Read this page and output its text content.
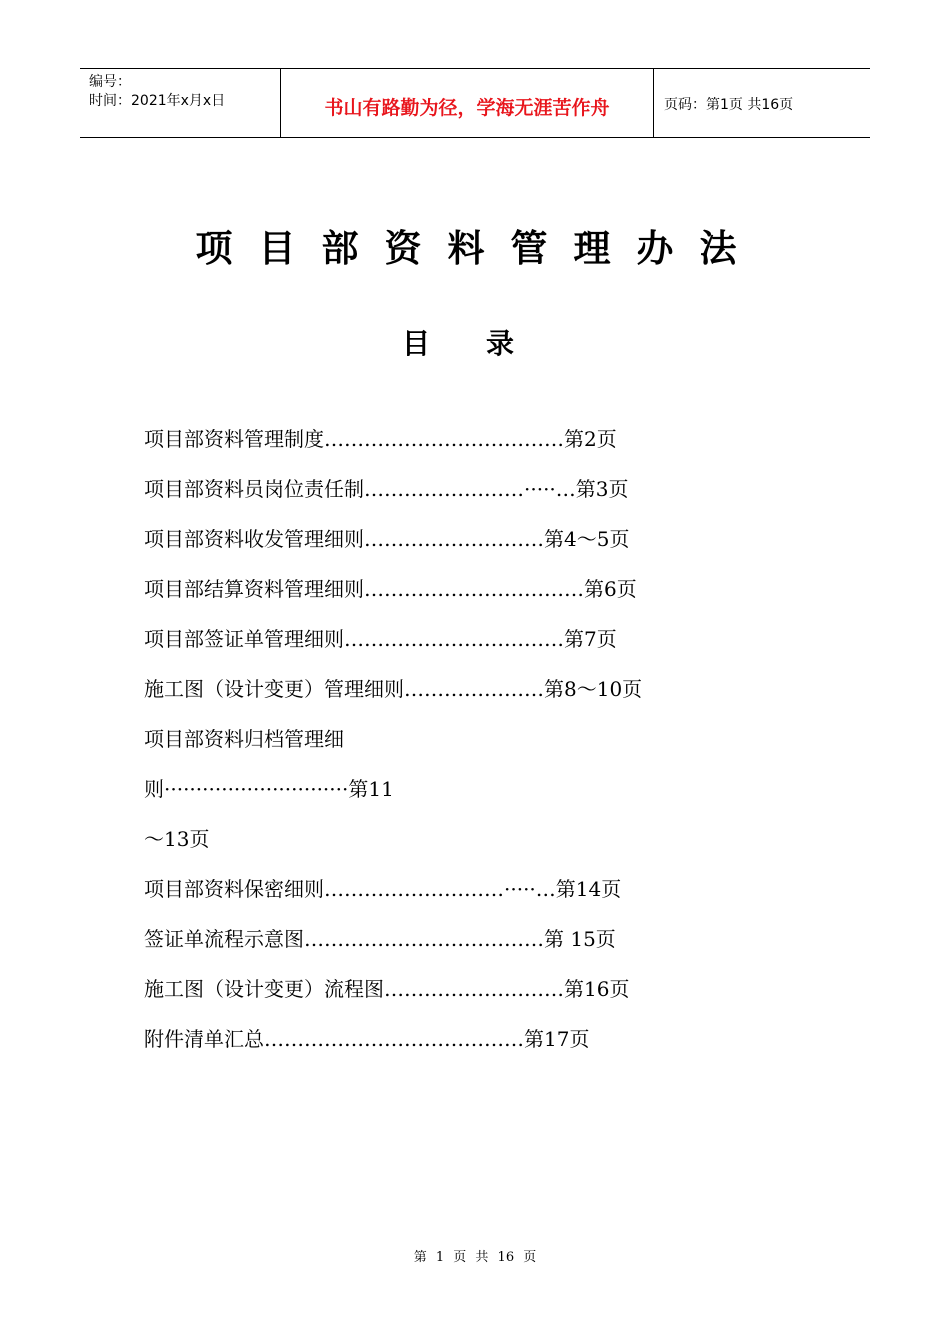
编号：
时间：2021年x月x日	书山有路勤为径，学海无涯苦作舟	页码：第1页 共16页
项目部资料管理办法
目录
项目部资料管理制度………………………………第2页
项目部资料员岗位责任制……………………·····…第3页
项目部资料收发管理细则………………………第4～5页
项目部结算资料管理细则……………………………第6页
项目部签证单管理细则……………………………第7页
施工图（设计变更）管理细则…………………第8～10页
项目部资料归档管理细
则·····························第11
～13页
项目部资料保密细则………………………·····…第14页
签证单流程示意图………………………………第 15页
施工图（设计变更）流程图………………………第16页
附件清单汇总…………………………………第17页
第 1 页 共 16 页
